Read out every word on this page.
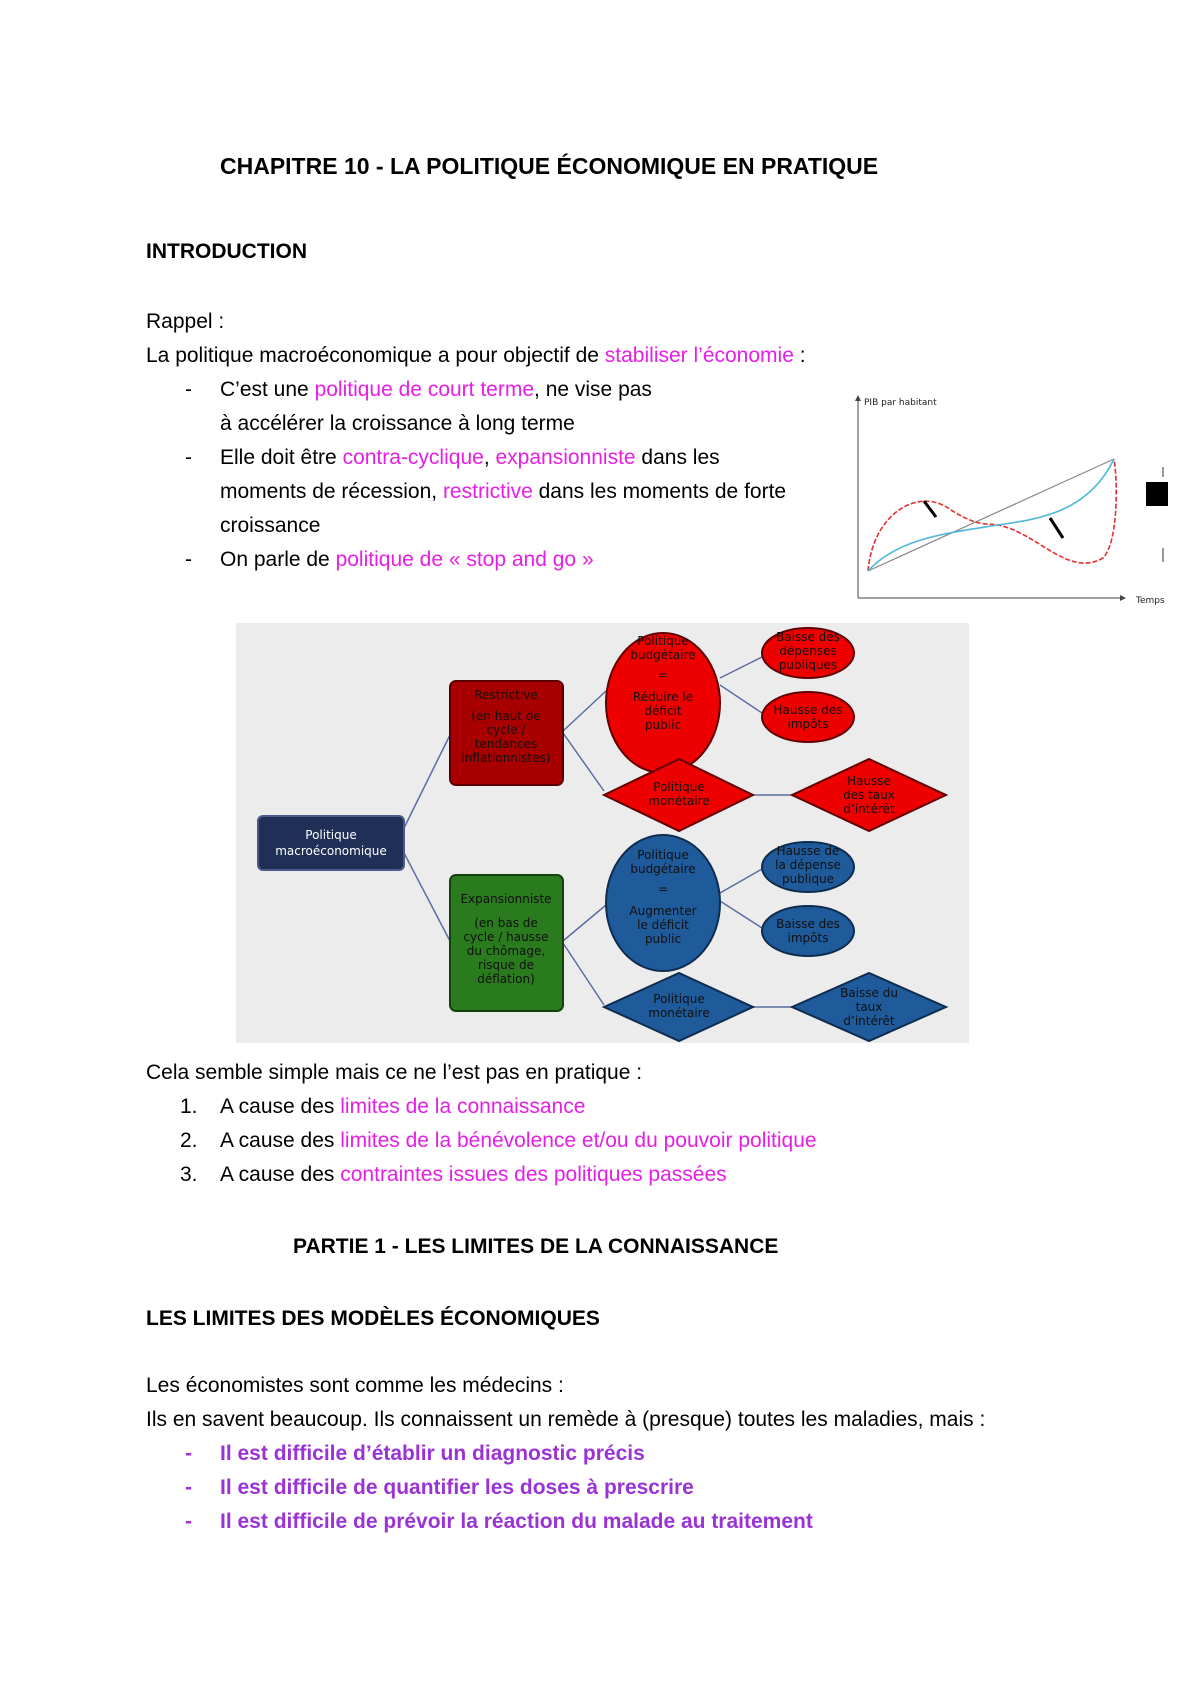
CHAPITRE 10 - LA POLITIQUE ÉCONOMIQUE EN PRATIQUE
INTRODUCTION
Rappel :
La politique macroéconomique a pour objectif de stabiliser l’économie :
- C’est une politique de court terme, ne vise pas
à accélérer la croissance à long terme
- Elle doit être contra-cyclique, expansionniste dans les
moments de récession, restrictive dans les moments de forte
croissance
- On parle de politique de « stop and go »
PIB par habitant
Temps
Politique
macroéconomique
Restrictive
(en haut de
cycle /
tendances
inflationnistes)
Expansionniste
(en bas de
cycle / hausse
du chômage,
risque de
déflation)
Politique
budgétaire
=
Réduire le
déficit
public
Politique
monétaire
Baisse des
dépenses
publiques
Hausse des
impôts
Hausse
des taux
d’intérêt
Politique
budgétaire
=
Augmenter
le déficit
public
Politique
monétaire
Hausse de
la dépense
publique
Baisse des
impôts
Baisse du
taux
d’intérêt
Cela semble simple mais ce ne l’est pas en pratique :
1. A cause des limites de la connaissance
2. A cause des limites de la bénévolence et/ou du pouvoir politique
3. A cause des contraintes issues des politiques passées
PARTIE 1 - LES LIMITES DE LA CONNAISSANCE
LES LIMITES DES MODÈLES ÉCONOMIQUES
Les économistes sont comme les médecins :
Ils en savent beaucoup. Ils connaissent un remède à (presque) toutes les maladies, mais :
- Il est difficile d’établir un diagnostic précis
- Il est difficile de quantifier les doses à prescrire
- Il est difficile de prévoir la réaction du malade au traitement
